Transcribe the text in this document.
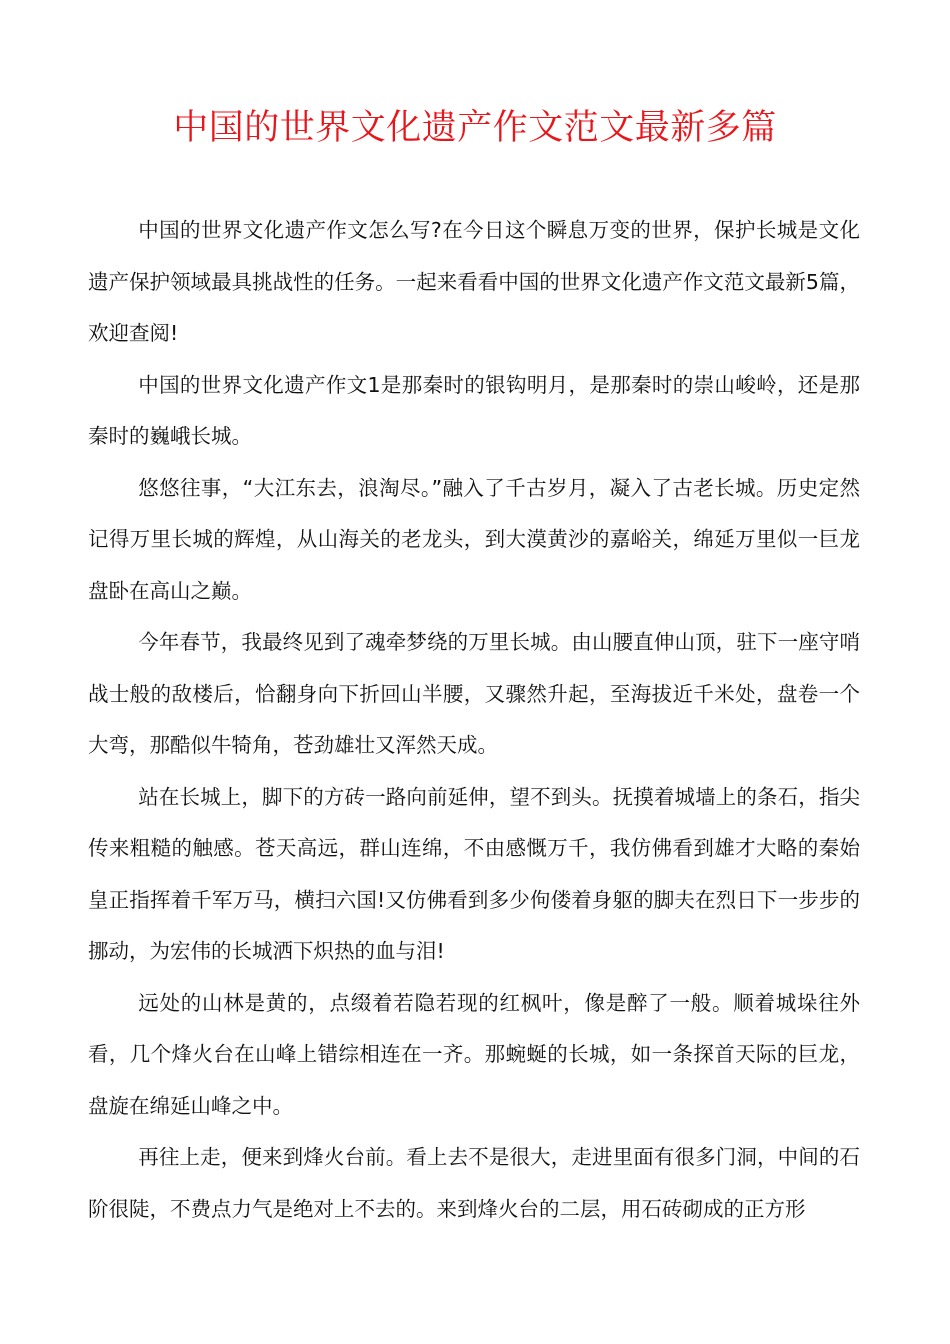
中国的世界文化遗产作文范文最新多篇

中国的世界文化遗产作文怎么写?在今日这个瞬息万变的世界，保护长城是文化遗产保护领域最具挑战性的任务。一起来看看中国的世界文化遗产作文范文最新5篇，欢迎查阅!

中国的世界文化遗产作文1是那秦时的银钩明月，是那秦时的崇山峻岭，还是那秦时的巍峨长城。

悠悠往事，“大江东去，浪淘尽。”融入了千古岁月，凝入了古老长城。历史定然记得万里长城的辉煌，从山海关的老龙头，到大漠黄沙的嘉峪关，绵延万里似一巨龙盘卧在高山之巅。

今年春节，我最终见到了魂牵梦绕的万里长城。由山腰直伸山顶，驻下一座守哨战士般的敌楼后，恰翻身向下折回山半腰，又骤然升起，至海拔近千米处，盘卷一个大弯，那酷似牛犄角，苍劲雄壮又浑然天成。

站在长城上，脚下的方砖一路向前延伸，望不到头。抚摸着城墙上的条石，指尖传来粗糙的触感。苍天高远，群山连绵，不由感慨万千，我仿佛看到雄才大略的秦始皇正指挥着千军万马，横扫六国!又仿佛看到多少佝偻着身躯的脚夫在烈日下一步步的挪动，为宏伟的长城洒下炽热的血与泪!

远处的山林是黄的，点缀着若隐若现的红枫叶，像是醉了一般。顺着城垛往外看，几个烽火台在山峰上错综相连在一齐。那蜿蜒的长城，如一条探首天际的巨龙，盘旋在绵延山峰之中。

再往上走，便来到烽火台前。看上去不是很大，走进里面有很多门洞，中间的石阶很陡，不费点力气是绝对上不去的。来到烽火台的二层，用石砖砌成的正方形
